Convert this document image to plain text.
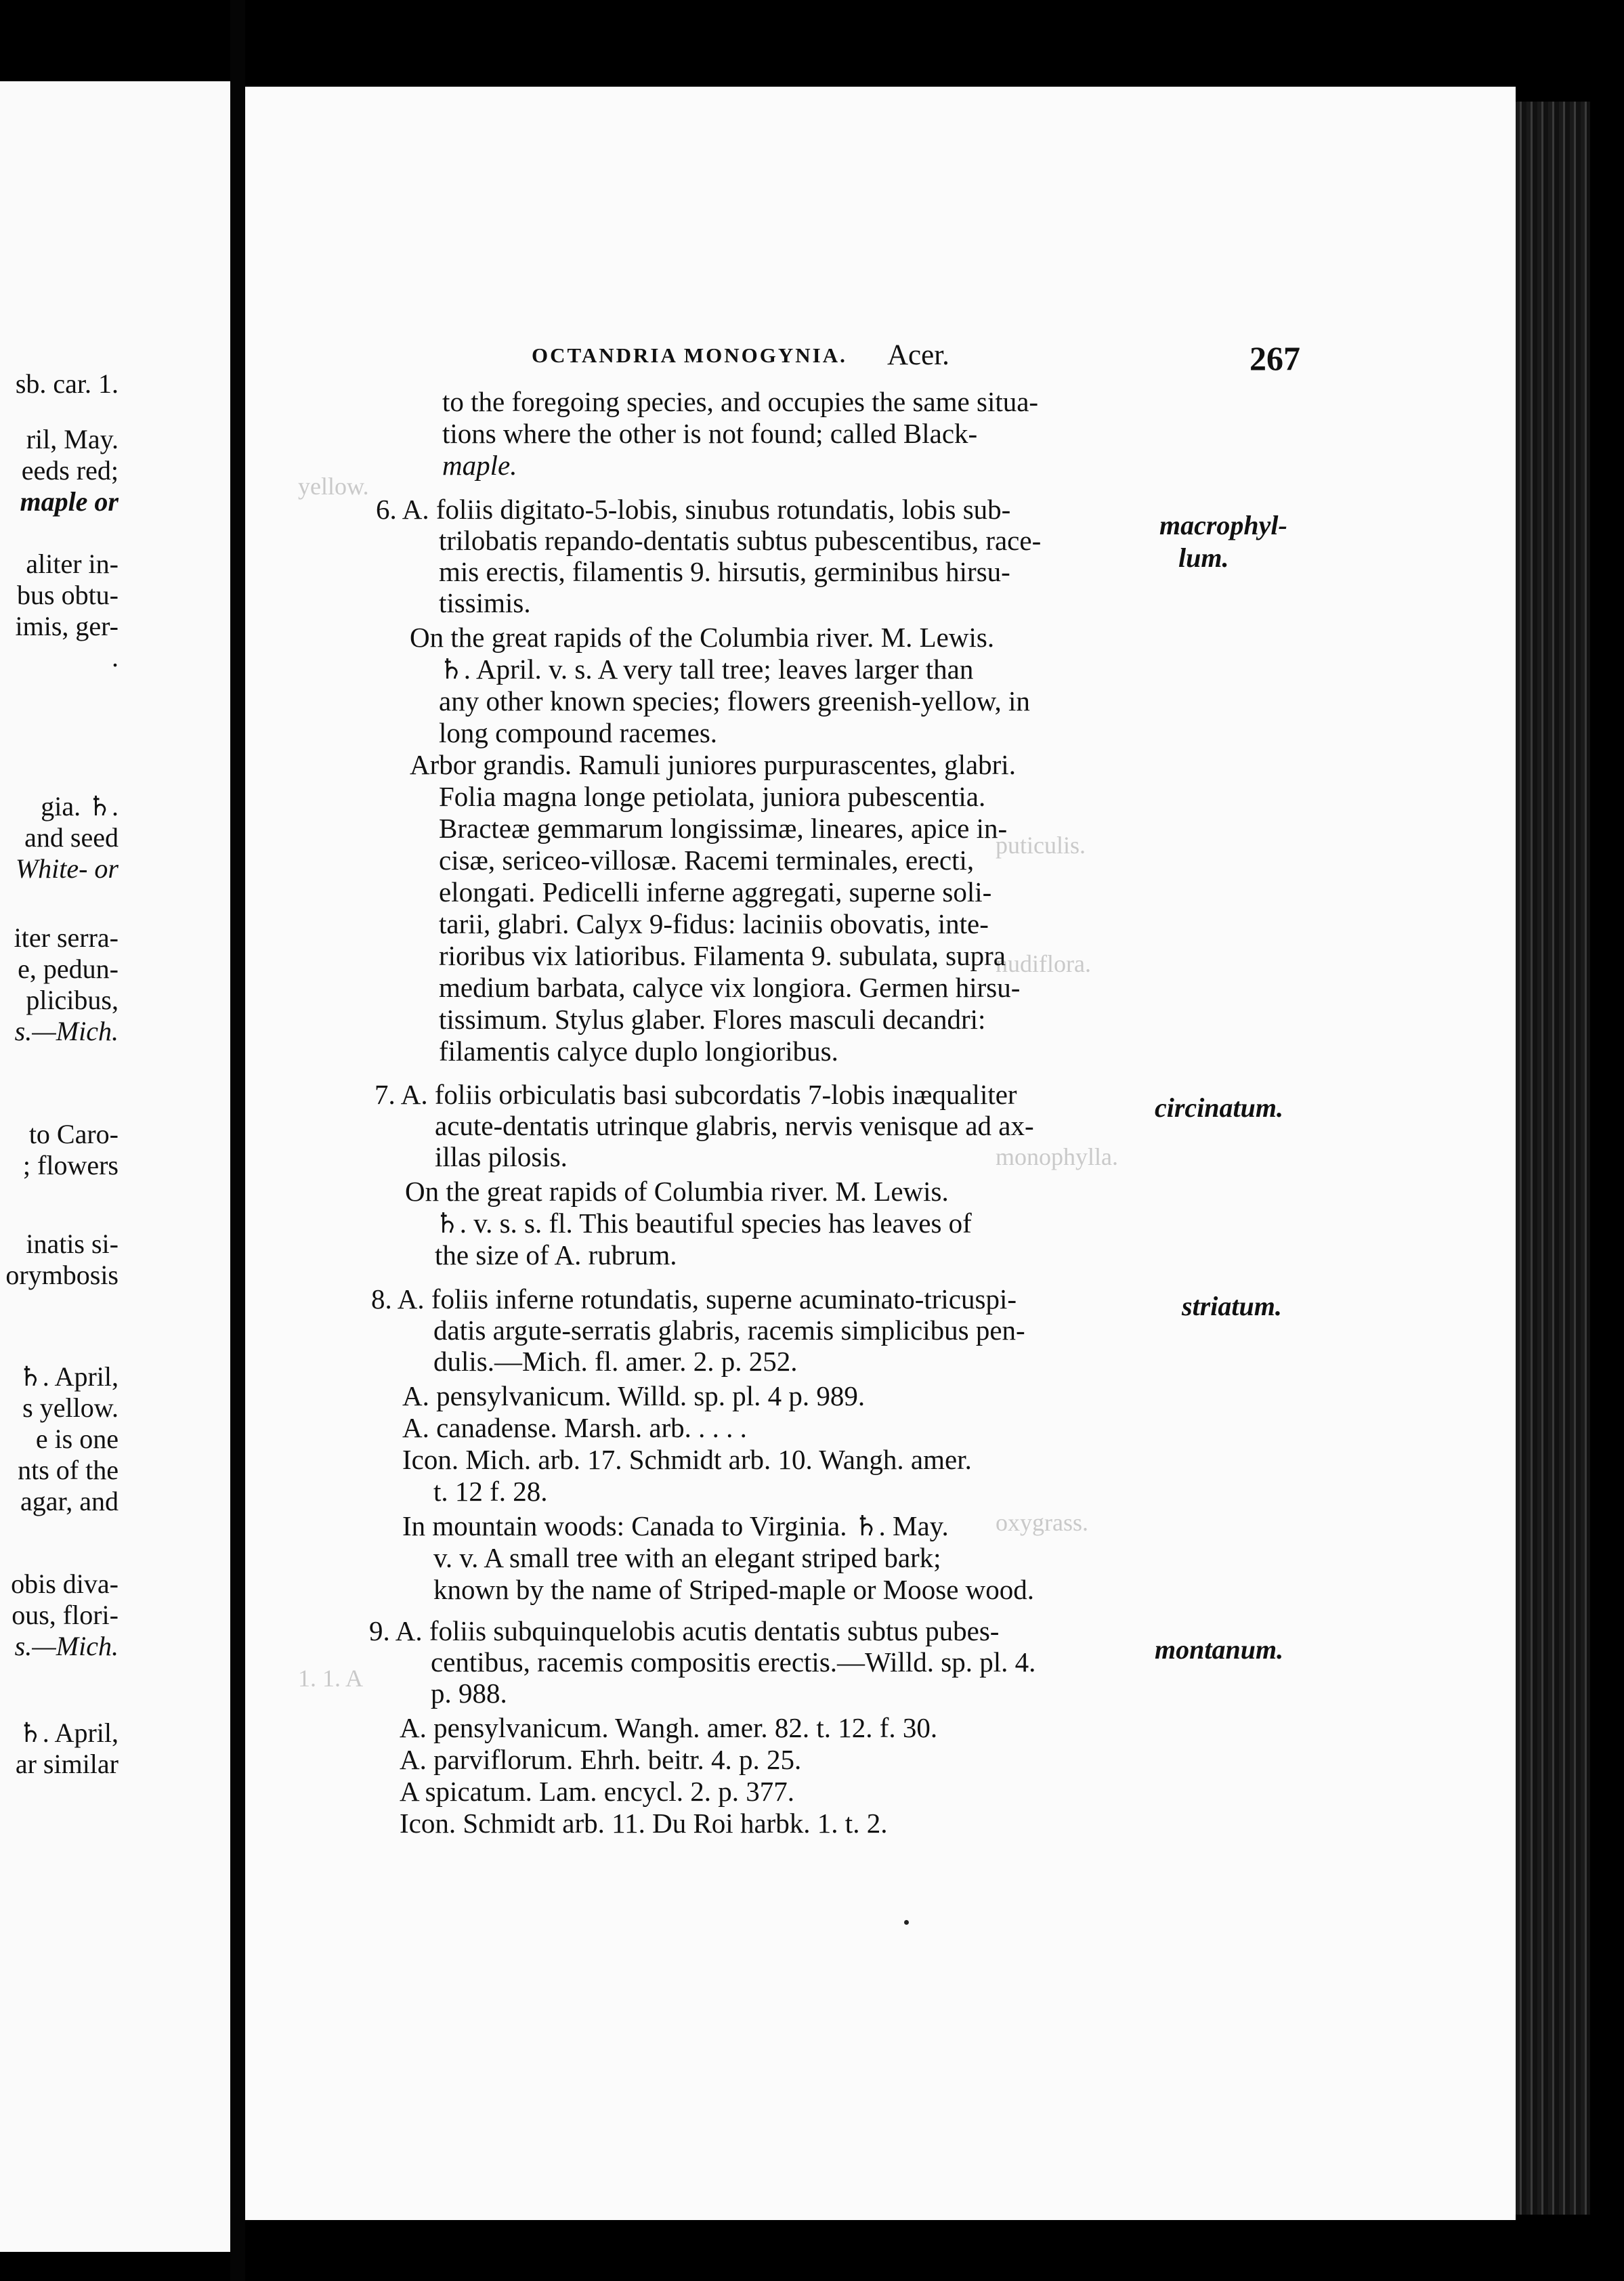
sb. car. 1.
ril, May.
eeds red;
maple or
aliter in-
bus obtu-
imis, ger-
.
gia. ♄.
and seed
White- or
iter serra-
e, pedun-
plicibus,
s.—Mich.
to Caro-
; flowers
inatis si-
orymbosis
♄. April,
s yellow.
e is one
nts of the
agar, and
obis diva-
ous, flori-
s.—Mich.
♄. April,
ar similar
puticulis.
nudiflora.
monophylla.
oxygrass.
yellow.
1. 1. A
OCTANDRIA MONOGYNIA. Acer.	267
to the foregoing species, and occupies the same situa-
tions where the other is not found; called Black-
maple.
macrophyl-
lum.
6. A. foliis digitato-5-lobis, sinubus rotundatis, lobis sub-
trilobatis repando-dentatis subtus pubescentibus, race-
mis erectis, filamentis 9. hirsutis, germinibus hirsu-
tissimis.
On the great rapids of the Columbia river. M. Lewis.
♄. April. v. s. A very tall tree; leaves larger than
any other known species; flowers greenish-yellow, in
long compound racemes.
Arbor grandis. Ramuli juniores purpurascentes, glabri.
Folia magna longe petiolata, juniora pubescentia.
Bracteæ gemmarum longissimæ, lineares, apice in-
cisæ, sericeo-villosæ. Racemi terminales, erecti,
elongati. Pedicelli inferne aggregati, superne soli-
tarii, glabri. Calyx 9-fidus: laciniis obovatis, inte-
rioribus vix latioribus. Filamenta 9. subulata, supra
medium barbata, calyce vix longiora. Germen hirsu-
tissimum. Stylus glaber. Flores masculi decandri:
filamentis calyce duplo longioribus.
circinatum.
7. A. foliis orbiculatis basi subcordatis 7-lobis inæqualiter
acute-dentatis utrinque glabris, nervis venisque ad ax-
illas pilosis.
On the great rapids of Columbia river. M. Lewis.
♄. v. s. s. fl. This beautiful species has leaves of
the size of A. rubrum.
striatum.
8. A. foliis inferne rotundatis, superne acuminato-tricuspi-
datis argute-serratis glabris, racemis simplicibus pen-
dulis.—Mich. fl. amer. 2. p. 252.
A. pensylvanicum. Willd. sp. pl. 4 p. 989.
A. canadense. Marsh. arb. . . . .
Icon. Mich. arb. 17. Schmidt arb. 10. Wangh. amer.
t. 12 f. 28.
In mountain woods: Canada to Virginia. ♄. May.
v. v. A small tree with an elegant striped bark;
known by the name of Striped-maple or Moose wood.
montanum.
9. A. foliis subquinquelobis acutis dentatis subtus pubes-
centibus, racemis compositis erectis.—Willd. sp. pl. 4.
p. 988.
A. pensylvanicum. Wangh. amer. 82. t. 12. f. 30.
A. parviflorum. Ehrh. beitr. 4. p. 25.
A spicatum. Lam. encycl. 2. p. 377.
Icon. Schmidt arb. 11. Du Roi harbk. 1. t. 2.
